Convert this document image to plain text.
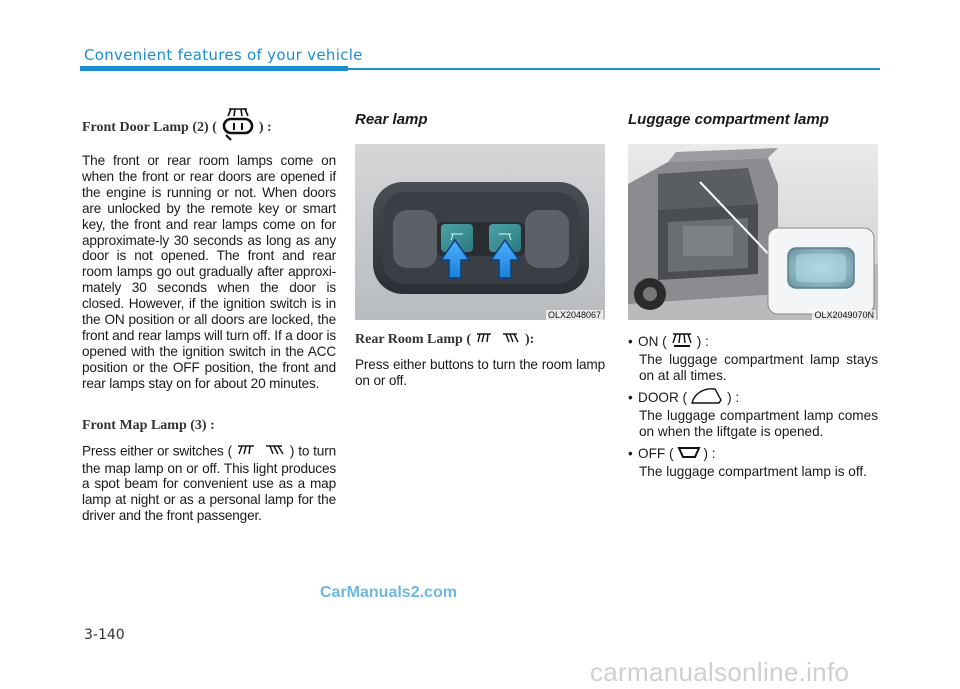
Convenient features of your vehicle
Front Door Lamp (2) (	) :

The front or rear room lamps come on when the front or rear doors are opened if the engine is running or not. When doors are unlocked by the remote key or smart key, the front and rear lamps come on for approximate-ly 30 seconds as long as any door is not opened. The front and rear room lamps go out gradually after approxi-mately 30 seconds when the door is closed. However, if the ignition switch is in the ON position or all doors are locked, the front and rear lamps will turn off. If a door is opened with the ignition switch in the ACC position or the OFF position, the front and rear lamps stay on for about 20 minutes.

Front Map Lamp (3) :

Press either or switches (	) to turn the map lamp on or off. This light produces a spot beam for convenient use as a map lamp at night or as a personal lamp for the driver and the front passenger.

Rear lamp
OLX2048067
Rear Room Lamp (	):

Press either buttons to turn the room lamp on or off.

Luggage compartment lamp
OLX2049070N
• ON ( ) :
The luggage compartment lamp stays on at all times.
• DOOR (	) :
The luggage compartment lamp comes on when the liftgate is opened.
• OFF ( ) :
The luggage compartment lamp is off.
CarManuals2.com
3-140
carmanualsonline.info
